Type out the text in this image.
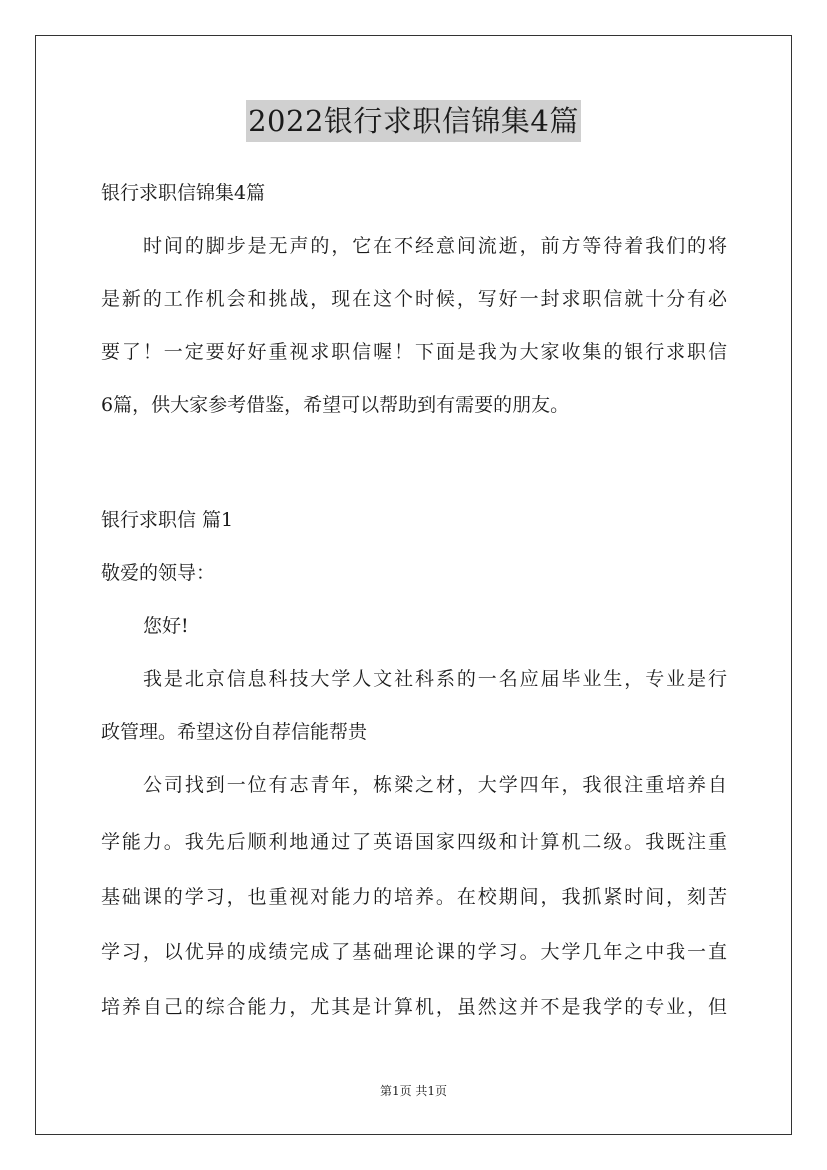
2022银行求职信锦集4篇
银行求职信锦集4篇
时间的脚步是无声的，它在不经意间流逝，前方等待着我们的将
是新的工作机会和挑战，现在这个时候，写好一封求职信就十分有必
要了！一定要好好重视求职信喔！下面是我为大家收集的银行求职信
6篇，供大家参考借鉴，希望可以帮助到有需要的朋友。
银行求职信 篇1
敬爱的领导：
您好!
我是北京信息科技大学人文社科系的一名应届毕业生，专业是行
政管理。希望这份自荐信能帮贵
公司找到一位有志青年，栋梁之材，大学四年，我很注重培养自
学能力。我先后顺利地通过了英语国家四级和计算机二级。我既注重
基础课的学习，也重视对能力的培养。在校期间，我抓紧时间，刻苦
学习，以优异的成绩完成了基础理论课的学习。大学几年之中我一直
培养自己的综合能力，尤其是计算机，虽然这并不是我学的专业，但
第1页 共1页
